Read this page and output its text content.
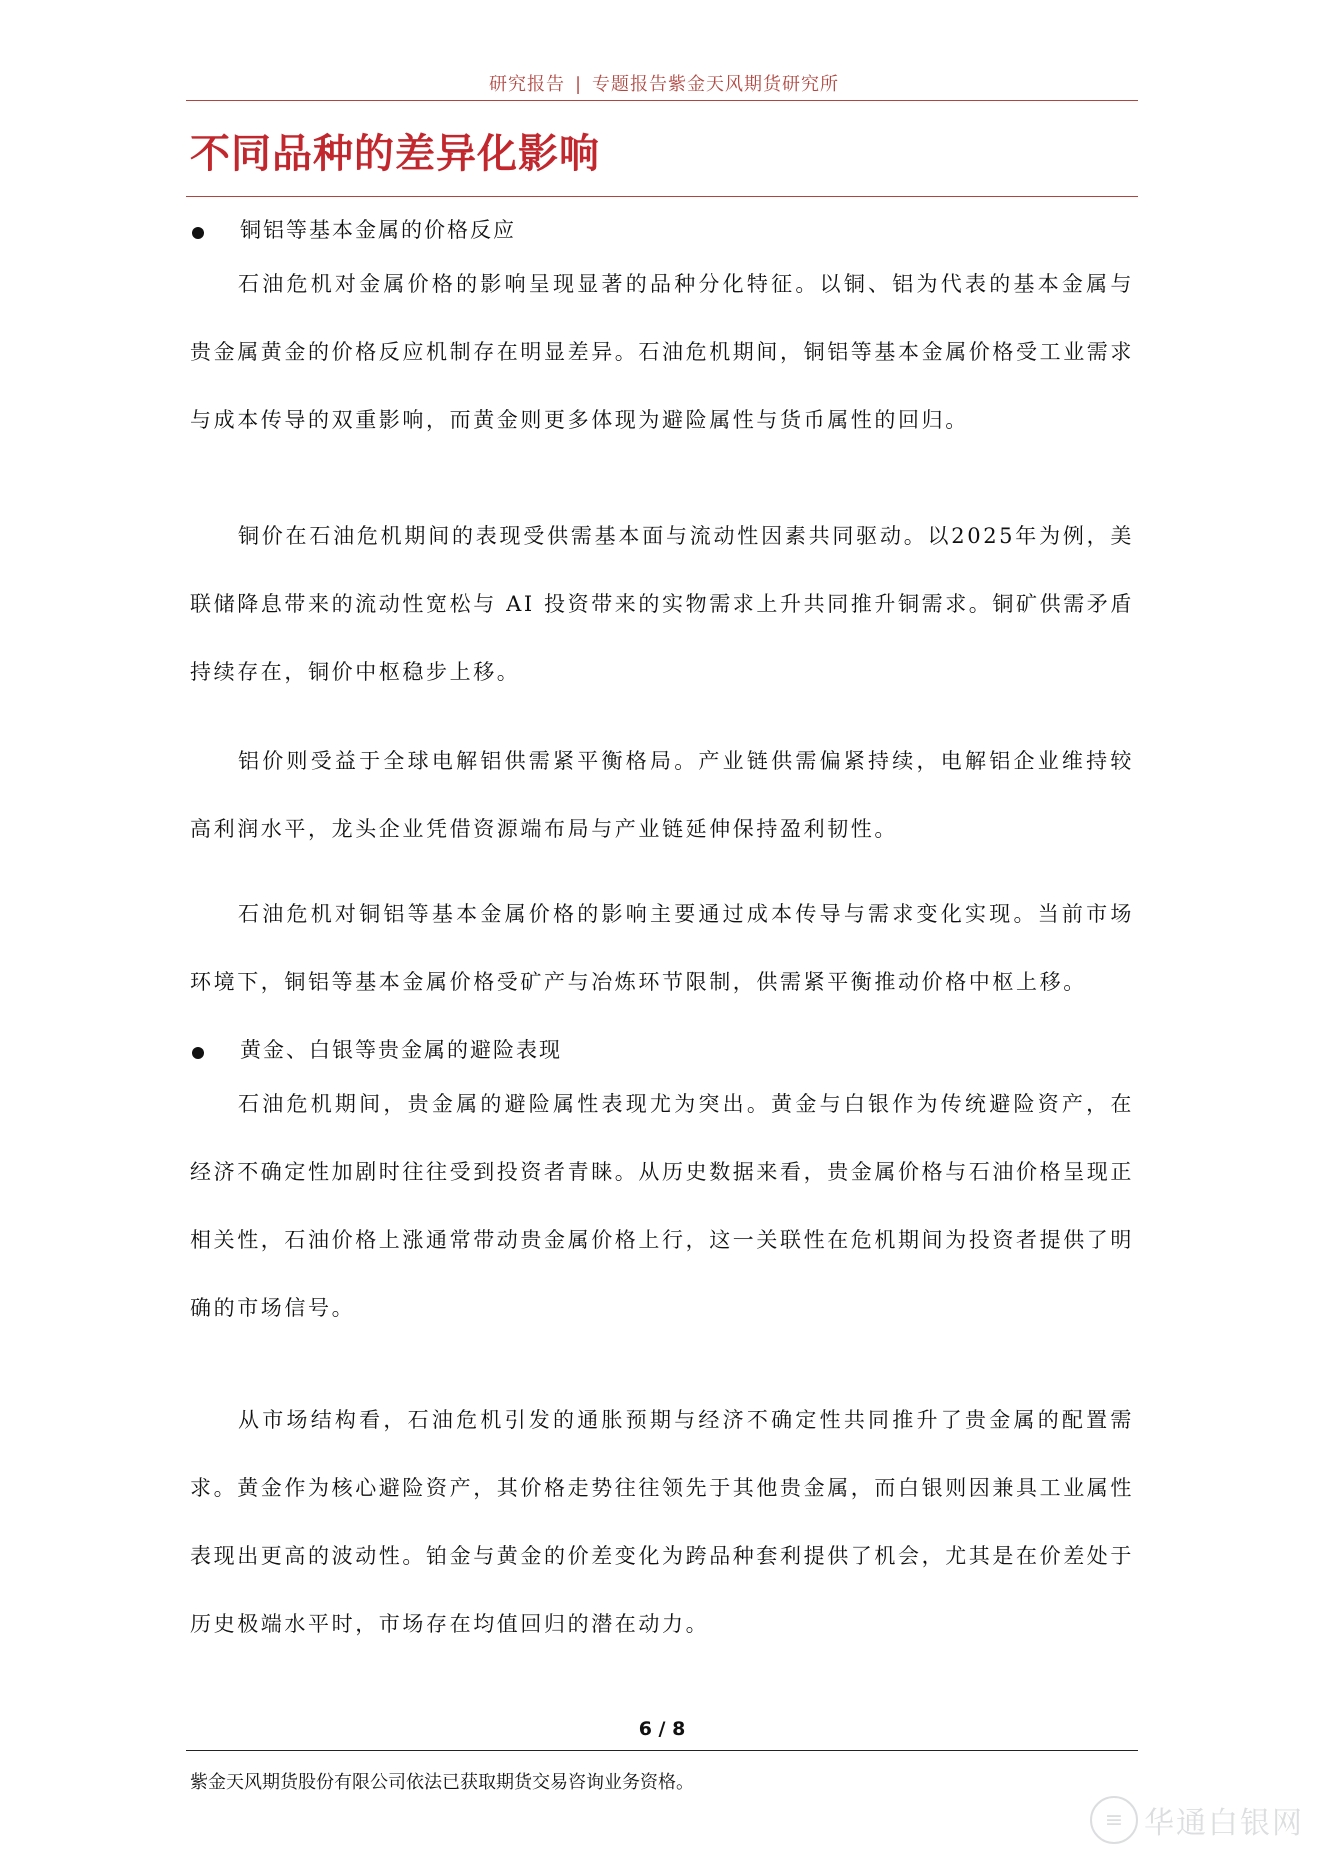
研究报告 | 专题报告紫金天风期货研究所
不同品种的差异化影响
铜铝等基本金属的价格反应

石油危机对金属价格的影响呈现显著的品种分化特征。以铜、铝为代表的基本金属与贵金属黄金的价格反应机制存在明显差异。石油危机期间，铜铝等基本金属价格受工业需求与成本传导的双重影响，而黄金则更多体现为避险属性与货币属性的回归。

铜价在石油危机期间的表现受供需基本面与流动性因素共同驱动。以2025年为例，美联储降息带来的流动性宽松与 AI 投资带来的实物需求上升共同推升铜需求。铜矿供需矛盾持续存在，铜价中枢稳步上移。

铝价则受益于全球电解铝供需紧平衡格局。产业链供需偏紧持续，电解铝企业维持较高利润水平，龙头企业凭借资源端布局与产业链延伸保持盈利韧性。

石油危机对铜铝等基本金属价格的影响主要通过成本传导与需求变化实现。当前市场环境下，铜铝等基本金属价格受矿产与冶炼环节限制，供需紧平衡推动价格中枢上移。

黄金、白银等贵金属的避险表现

石油危机期间，贵金属的避险属性表现尤为突出。黄金与白银作为传统避险资产，在经济不确定性加剧时往往受到投资者青睐。从历史数据来看，贵金属价格与石油价格呈现正相关性，石油价格上涨通常带动贵金属价格上行，这一关联性在危机期间为投资者提供了明确的市场信号。

从市场结构看，石油危机引发的通胀预期与经济不确定性共同推升了贵金属的配置需求。黄金作为核心避险资产，其价格走势往往领先于其他贵金属，而白银则因兼具工业属性表现出更高的波动性。铂金与黄金的价差变化为跨品种套利提供了机会，尤其是在价差处于历史极端水平时，市场存在均值回归的潜在动力。

6 / 8
紫金天风期货股份有限公司依法已获取期货交易咨询业务资格。
≡ 华通白银网
